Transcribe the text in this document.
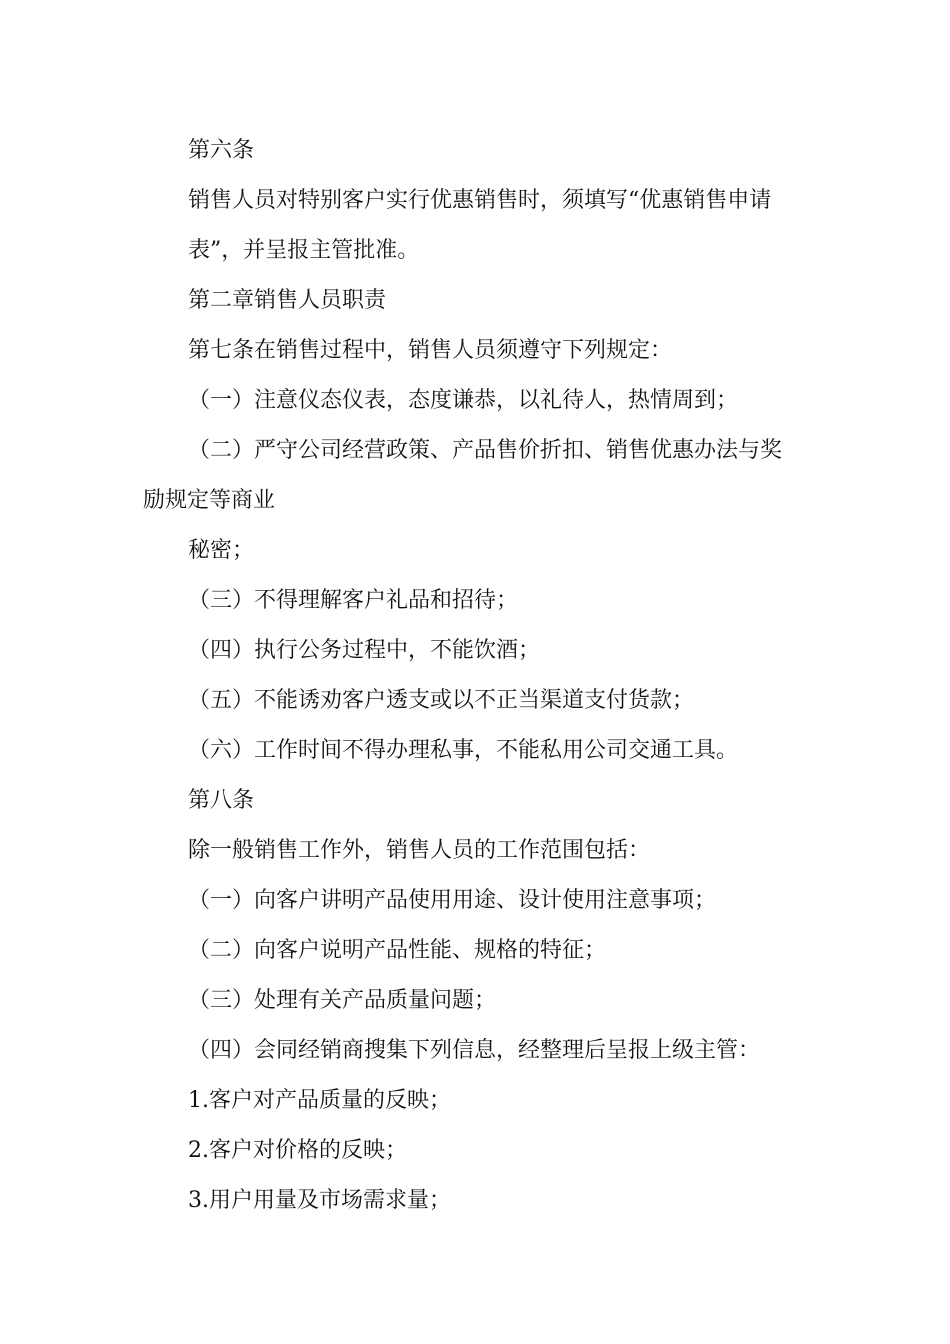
第六条
销售人员对特别客户实行优惠销售时，须填写“优惠销售申请
表”，并呈报主管批准。
第二章销售人员职责
第七条在销售过程中，销售人员须遵守下列规定：
（一）注意仪态仪表，态度谦恭，以礼待人，热情周到；
（二）严守公司经营政策、产品售价折扣、销售优惠办法与奖
励规定等商业
秘密；
（三）不得理解客户礼品和招待；
（四）执行公务过程中，不能饮酒；
（五）不能诱劝客户透支或以不正当渠道支付货款；
（六）工作时间不得办理私事，不能私用公司交通工具。
第八条
除一般销售工作外，销售人员的工作范围包括：
（一）向客户讲明产品使用用途、设计使用注意事项；
（二）向客户说明产品性能、规格的特征；
（三）处理有关产品质量问题；
（四）会同经销商搜集下列信息，经整理后呈报上级主管：
1.客户对产品质量的反映；
2.客户对价格的反映；
3.用户用量及市场需求量；
